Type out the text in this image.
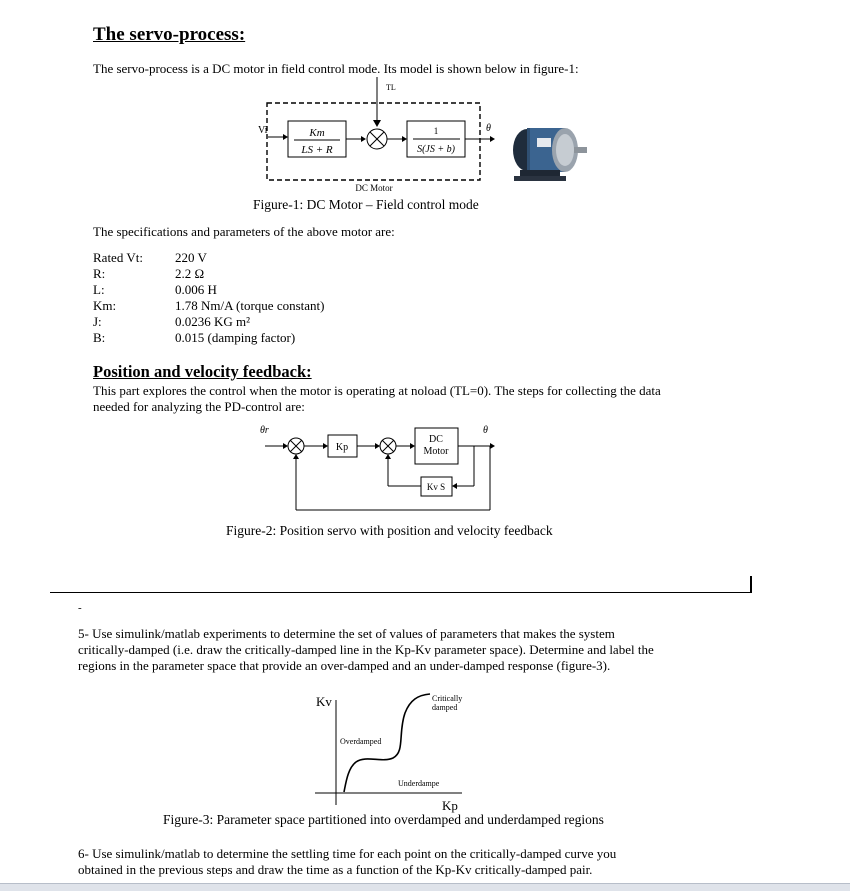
The servo-process:
The servo-process is a DC motor in field control mode. Its model is shown below in figure-1:
TL
Vi	Km
LS + R
1
S(JS + b)
θ
DC Motor
Figure-1: DC Motor – Field control mode
The specifications and parameters of the above motor are:
Rated Vt: 220 V
R:	2.2 Ω
L:	0.006 H
Km:	1.78 Nm/A (torque constant)
J:	0.0236 KG m²
B:	0.015 (damping factor)
Position and velocity feedback:
This part explores the control when the motor is operating at noload (TL=0). The steps for collecting the data
needed for analyzing the PD-control are:
θr
Kp
DC
Motor
θ
Kv S
Figure-2: Position servo with position and velocity feedback
-
5- Use simulink/matlab experiments to determine the set of values of parameters that makes the system
critically-damped (i.e. draw the critically-damped line in the Kp-Kv parameter space). Determine and label the
regions in the parameter space that provide an over-damped and an under-damped response (figure-3).
Kv
Kp
Critically
damped
Overdamped
Underdampe
Figure-3: Parameter space partitioned into overdamped and underdamped regions
6- Use simulink/matlab to determine the settling time for each point on the critically-damped curve you
obtained in the previous steps and draw the time as a function of the Kp-Kv critically-damped pair.
